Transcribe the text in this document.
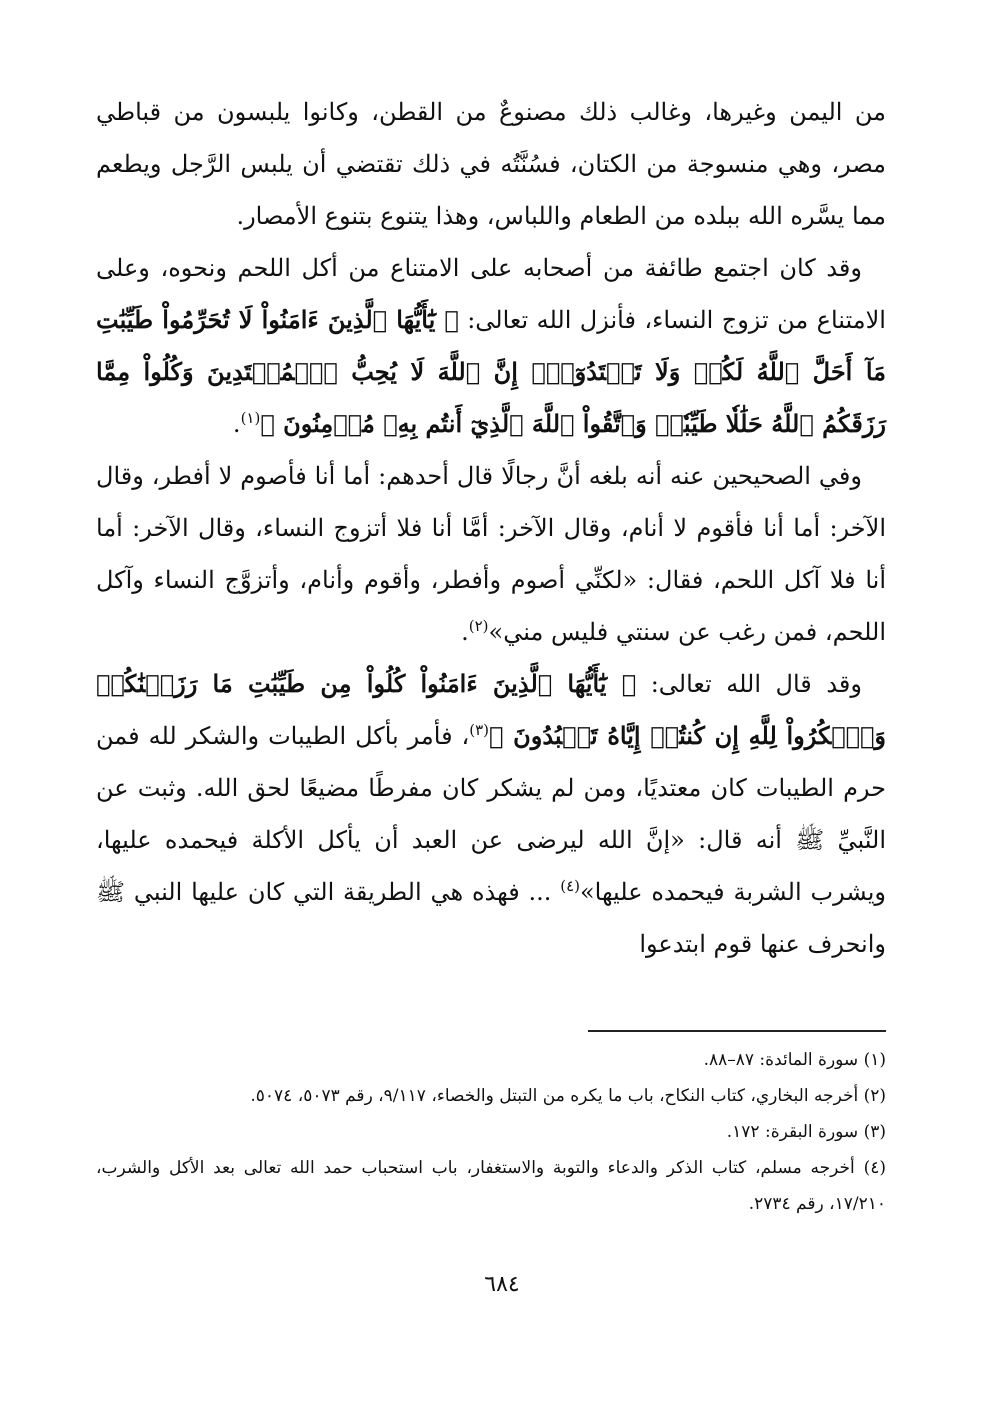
من اليمن وغيرها، وغالب ذلك مصنوعٌ من القطن، وكانوا يلبسون من قباطي مصر، وهي منسوجة من الكتان، فسُنَّتُه في ذلك تقتضي أن يلبس الرَّجل ويطعم مما يسَّره الله ببلده من الطعام واللباس، وهذا يتنوع بتنوع الأمصار.

وقد كان اجتمع طائفة من أصحابه على الامتناع من أكل اللحم ونحوه، وعلى الامتناع من تزوج النساء، فأنزل الله تعالى: ﴿ يَٰٓأَيُّهَا ٱلَّذِينَ ءَامَنُواْ لَا تُحَرِّمُواْ طَيِّبَٰتِ مَآ أَحَلَّ ٱللَّهُ لَكُمۡ وَلَا تَعۡتَدُوٓاْۚ إِنَّ ٱللَّهَ لَا يُحِبُّ ٱلۡمُعۡتَدِينَ وَكُلُواْ مِمَّا رَزَقَكُمُ ٱللَّهُ حَلَٰلٗا طَيِّبٗاۚ وَٱتَّقُواْ ٱللَّهَ ٱلَّذِيٓ أَنتُم بِهِۦ مُؤۡمِنُونَ ﴾$^{(١)}$.

وفي الصحيحين عنه أنه بلغه أنَّ رجالًا قال أحدهم: أما أنا فأصوم لا أفطر، وقال الآخر: أما أنا فأقوم لا أنام، وقال الآخر: أمَّا أنا فلا أتزوج النساء، وقال الآخر: أما أنا فلا آكل اللحم، فقال: «لكنِّي أصوم وأفطر، وأقوم وأنام، وأتزوَّج النساء وآكل اللحم، فمن رغب عن سنتي فليس مني»$^{(٢)}$.

وقد قال الله تعالى: ﴿ يَٰٓأَيُّهَا ٱلَّذِينَ ءَامَنُواْ كُلُواْ مِن طَيِّبَٰتِ مَا رَزَقۡنَٰكُمۡ وَٱشۡكُرُواْ لِلَّهِ إِن كُنتُمۡ إِيَّاهُ تَعۡبُدُونَ ﴾$^{(٣)}$، فأمر بأكل الطيبات والشكر لله فمن حرم الطيبات كان معتديًا، ومن لم يشكر كان مفرطًا مضيعًا لحق الله. وثبت عن النَّبيِّ ﷺ أنه قال: «إنَّ الله ليرضى عن العبد أن يأكل الأكلة فيحمده عليها، ويشرب الشربة فيحمده عليها»$^{(٤)}$ ... فهذه هي الطريقة التي كان عليها النبي ﷺ وانحرف عنها قوم ابتدعوا

(١) سورة المائدة: ٨٧–٨٨.

(٢) أخرجه البخاري، كتاب النكاح، باب ما يكره من التبتل والخصاء، ٩/١١٧، رقم ٥٠٧٣، ٥٠٧٤.

(٣) سورة البقرة: ١٧٢.

(٤) أخرجه مسلم، كتاب الذكر والدعاء والتوبة والاستغفار، باب استحباب حمد الله تعالى بعد الأكل والشرب، ١٧/٢١٠، رقم ٢٧٣٤.

٦٨٤
